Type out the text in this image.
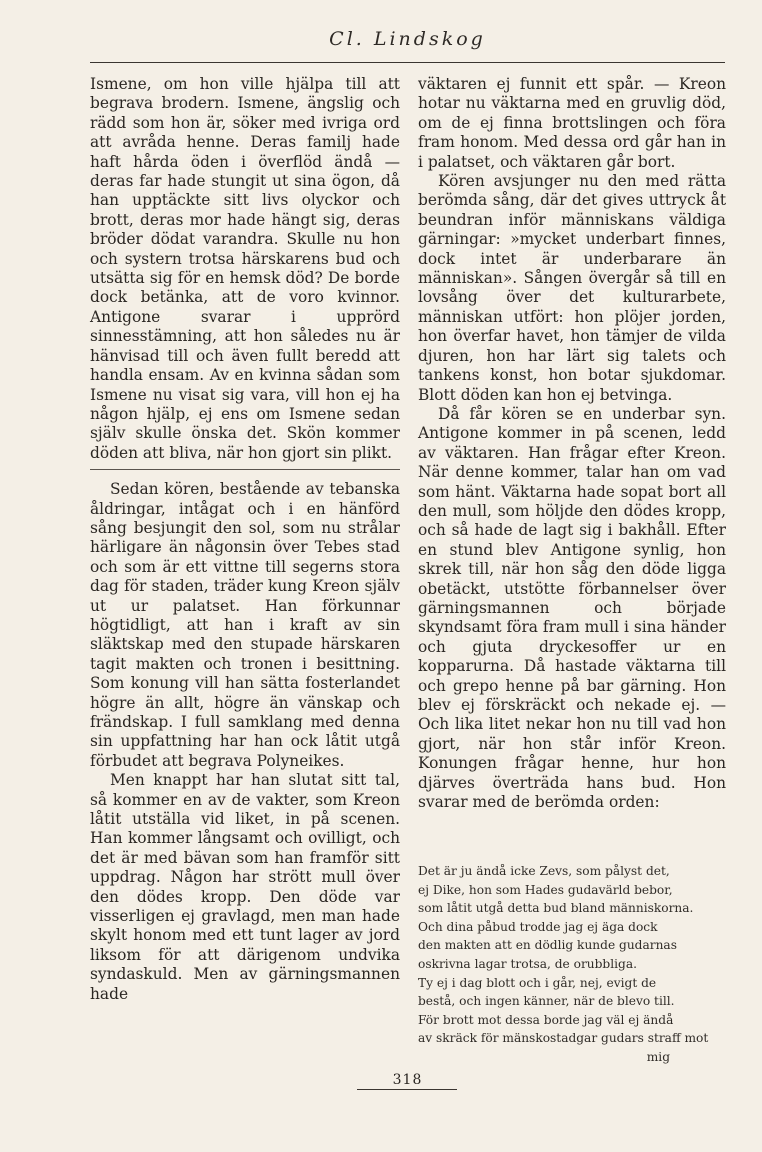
Cl. Lindskog

Ismene, om hon ville hjälpa till att begrava brodern. Ismene, ängslig och rädd som hon är, söker med ivriga ord att avråda henne. Deras familj hade haft hårda öden i överflöd ändå — deras far hade stungit ut sina ögon, då han upptäckte sitt livs olyckor och brott, deras mor hade hängt sig, deras bröder dödat varandra. Skulle nu hon och systern trotsa härskarens bud och utsätta sig för en hemsk död? De borde dock betänka, att de voro kvinnor. Antigone svarar i upprörd sinnesstämning, att hon således nu är hänvisad till och även fullt beredd att handla ensam. Av en kvinna sådan som Ismene nu visat sig vara, vill hon ej ha någon hjälp, ej ens om Ismene sedan själv skulle önska det. Skön kommer döden att bliva, när hon gjort sin plikt.

Sedan kören, bestående av tebanska åldringar, intågat och i en hänförd sång besjungit den sol, som nu strålar härligare än någonsin över Tebes stad och som är ett vittne till segerns stora dag för staden, träder kung Kreon själv ut ur palatset. Han förkunnar högtidligt, att han i kraft av sin släktskap med den stupade härskaren tagit makten och tronen i besittning. Som konung vill han sätta fosterlandet högre än allt, högre än vänskap och frändskap. I full samklang med denna sin uppfattning har han ock låtit utgå förbudet att begrava Polyneikes.

Men knappt har han slutat sitt tal, så kommer en av de vakter, som Kreon låtit utställa vid liket, in på scenen. Han kommer långsamt och ovilligt, och det är med bävan som han framför sitt uppdrag. Någon har strött mull över den dödes kropp. Den döde var visserligen ej gravlagd, men man hade skylt honom med ett tunt lager av jord liksom för att därigenom undvika syndaskuld. Men av gärningsmannen hade

väktaren ej funnit ett spår. — Kreon hotar nu väktarna med en gruvlig död, om de ej finna brottslingen och föra fram honom. Med dessa ord går han in i palatset, och väktaren går bort.

Kören avsjunger nu den med rätta berömda sång, där det gives uttryck åt beundran inför människans väldiga gärningar: »mycket underbart finnes, dock intet är underbarare än människan». Sången övergår så till en lovsång över det kulturarbete, människan utfört: hon plöjer jorden, hon överfar havet, hon tämjer de vilda djuren, hon har lärt sig talets och tankens konst, hon botar sjukdomar. Blott döden kan hon ej betvinga.

Då får kören se en underbar syn. Antigone kommer in på scenen, ledd av väktaren. Han frågar efter Kreon. När denne kommer, talar han om vad som hänt. Väktarna hade sopat bort all den mull, som höljde den dödes kropp, och så hade de lagt sig i bakhåll. Efter en stund blev Antigone synlig, hon skrek till, när hon såg den döde ligga obetäckt, utstötte förbannelser över gärningsmannen och började skyndsamt föra fram mull i sina händer och gjuta dryckesoffer ur en kopparurna. Då hastade väktarna till och grepo henne på bar gärning. Hon blev ej förskräckt och nekade ej. — Och lika litet nekar hon nu till vad hon gjort, när hon står inför Kreon. Konungen frågar henne, hur hon djärves överträda hans bud. Hon svarar med de berömda orden:

Det är ju ändå icke Zevs, som pålyst det,
ej Dike, hon som Hades gudavärld bebor,
som låtit utgå detta bud bland människorna.
Och dina påbud trodde jag ej äga dock
den makten att en dödlig kunde gudarnas
oskrivna lagar trotsa, de orubbliga.
Ty ej i dag blott och i går, nej, evigt de
bestå, och ingen känner, när de blevo till.
För brott mot dessa borde jag väl ej ändå
av skräck för mänskostadgar gudars straff mot
mig
318
